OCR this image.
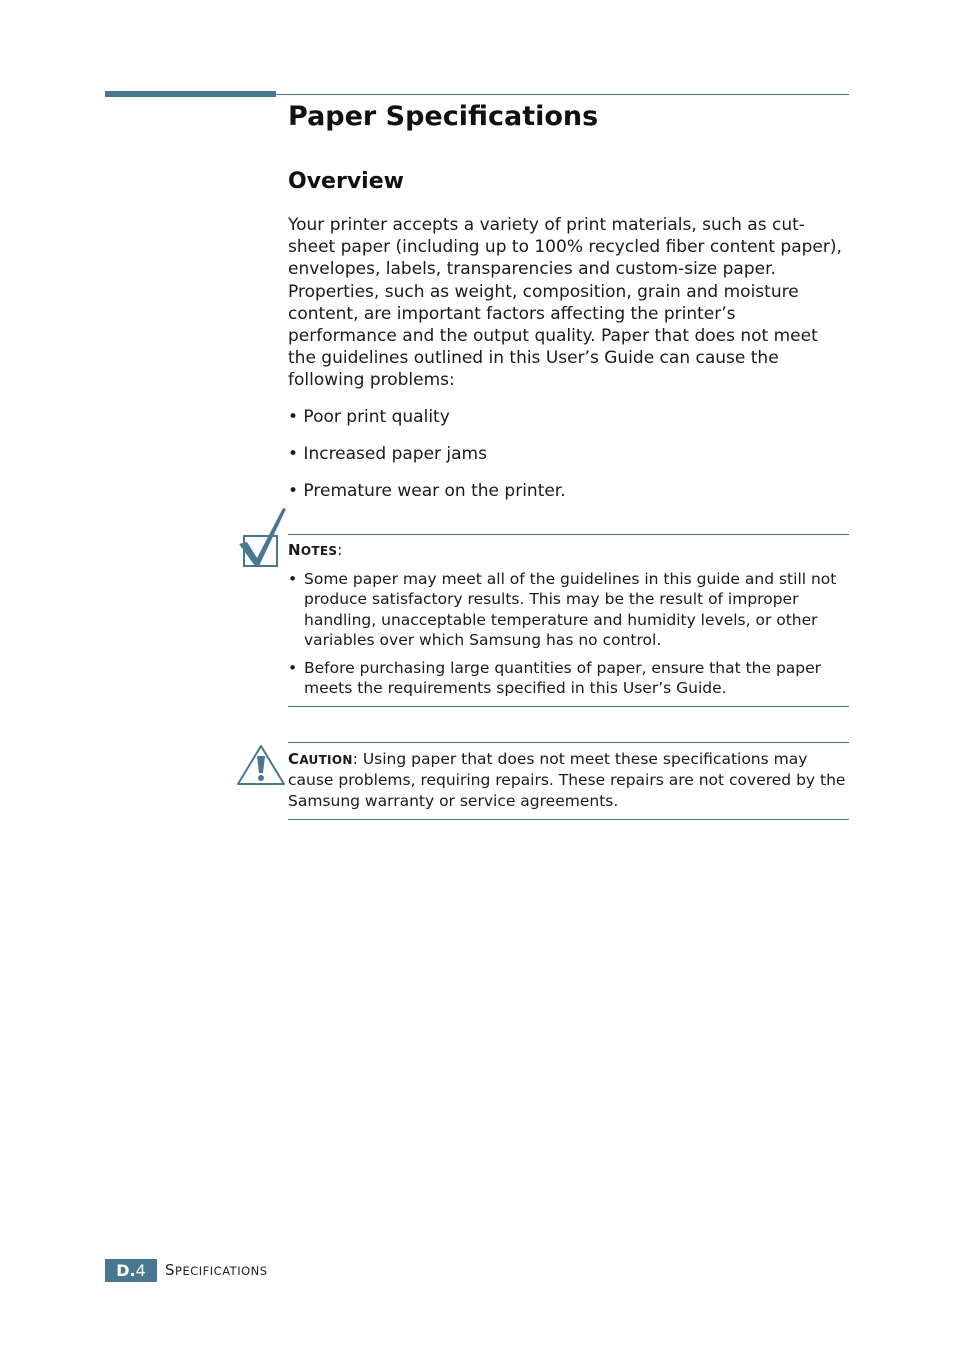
Paper Specifications
Overview

Your printer accepts a variety of print materials, such as cut-sheet paper (including up to 100% recycled fiber content paper), envelopes, labels, transparencies and custom-size paper. Properties, such as weight, composition, grain and moisture content, are important factors affecting the printer’s performance and the output quality. Paper that does not meet the guidelines outlined in this User’s Guide can cause the following problems:

• Poor print quality
• Increased paper jams
• Premature wear on the printer.
NOTES:
• Some paper may meet all of the guidelines in this guide and still not produce satisfactory results. This may be the result of improper handling, unacceptable temperature and humidity levels, or other variables over which Samsung has no control.
• Before purchasing large quantities of paper, ensure that the paper meets the requirements specified in this User’s Guide.
CAUTION: Using paper that does not meet these specifications may cause problems, requiring repairs. These repairs are not covered by the Samsung warranty or service agreements.
D.4	SPECIFICATIONS
